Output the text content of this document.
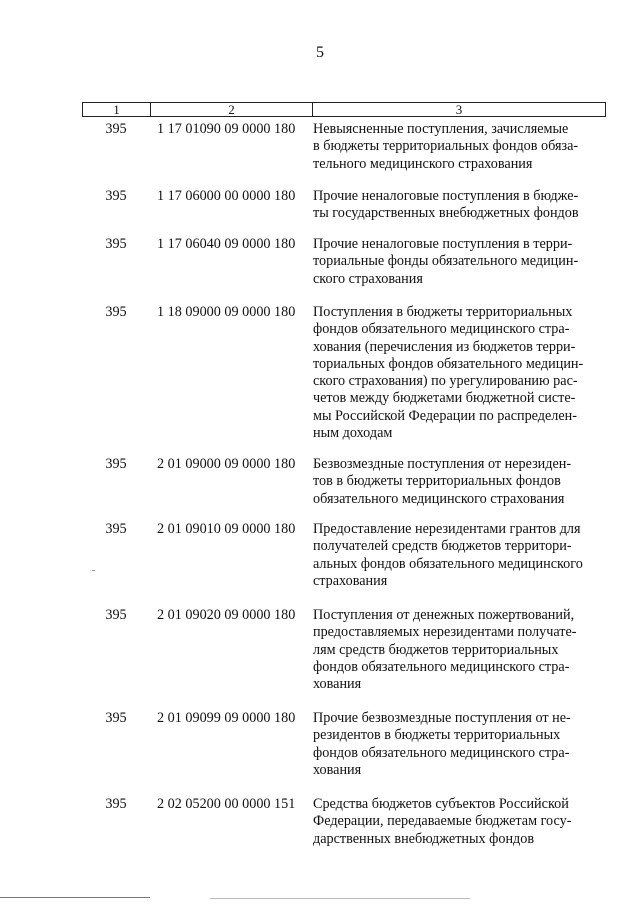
5
1	2	3
395	1 17 01090 09 0000 180 Невыясненные поступления, зачисляемые
в бюджеты территориальных фондов обяза-
тельного медицинского страхования
395	1 17 06000 00 0000 180 Прочие неналоговые поступления в бюдже-
ты государственных внебюджетных фондов
395	1 17 06040 09 0000 180 Прочие неналоговые поступления в терри-
ториальные фонды обязательного медицин-
ского страхования
395	1 18 09000 09 0000 180 Поступления в бюджеты территориальных
фондов обязательного медицинского стра-
хования (перечисления из бюджетов терри-
ториальных фондов обязательного медицин-
ского страхования) по урегулированию рас-
четов между бюджетами бюджетной систе-
мы Российской Федерации по распределен-
ным доходам
395	2 01 09000 09 0000 180 Безвозмездные поступления от нерезиден-
тов в бюджеты территориальных фондов
обязательного медицинского страхования
395	2 01 09010 09 0000 180 Предоставление нерезидентами грантов для
получателей средств бюджетов территори-
альных фондов обязательного медицинского
страхования
395	2 01 09020 09 0000 180 Поступления от денежных пожертвований,
предоставляемых нерезидентами получате-
лям средств бюджетов территориальных
фондов обязательного медицинского стра-
хования
395	2 01 09099 09 0000 180 Прочие безвозмездные поступления от не-
резидентов в бюджеты территориальных
фондов обязательного медицинского стра-
хования
395	2 02 05200 00 0000 151 Средства бюджетов субъектов Российской
Федерации, передаваемые бюджетам госу-
дарственных внебюджетных фондов
